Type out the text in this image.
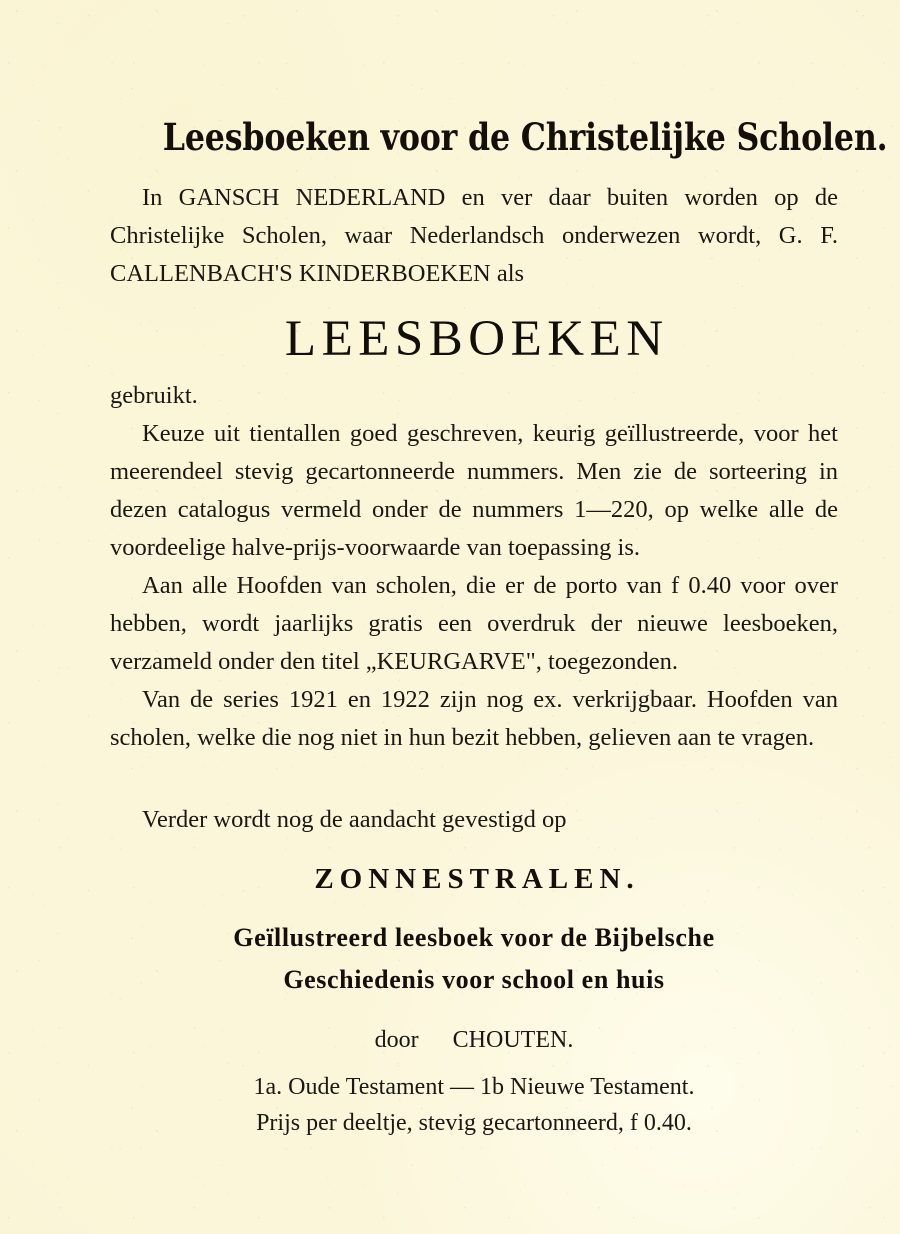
Leesboeken voor de Christelijke Scholen.

In GANSCH NEDERLAND en ver daar buiten worden op de Christelijke Scholen, waar Nederlandsch onderwezen wordt, G. F. CALLENBACH'S KINDERBOEKEN als

LEESBOEKEN

gebruikt.

Keuze uit tientallen goed geschreven, keurig geïllustreerde, voor het meerendeel stevig gecartonneerde nummers. Men zie de sorteering in dezen catalogus vermeld onder de nummers 1—220, op welke alle de voordeelige halve-prijs-voorwaarde van toepassing is.

Aan alle Hoofden van scholen, die er de porto van f 0.40 voor over hebben, wordt jaarlijks gratis een overdruk der nieuwe leesboeken, verzameld onder den titel „KEURGARVE", toegezonden.

Van de series 1921 en 1922 zijn nog ex. verkrijgbaar. Hoofden van scholen, welke die nog niet in hun bezit hebben, gelieven aan te vragen.

Verder wordt nog de aandacht gevestigd op

ZONNESTRALEN.

Geïllustreerd leesboek voor de Bijbelsche

Geschiedenis voor school en huis

door CHOUTEN.

1a. Oude Testament — 1b Nieuwe Testament.

Prijs per deeltje, stevig gecartonneerd, f 0.40.
